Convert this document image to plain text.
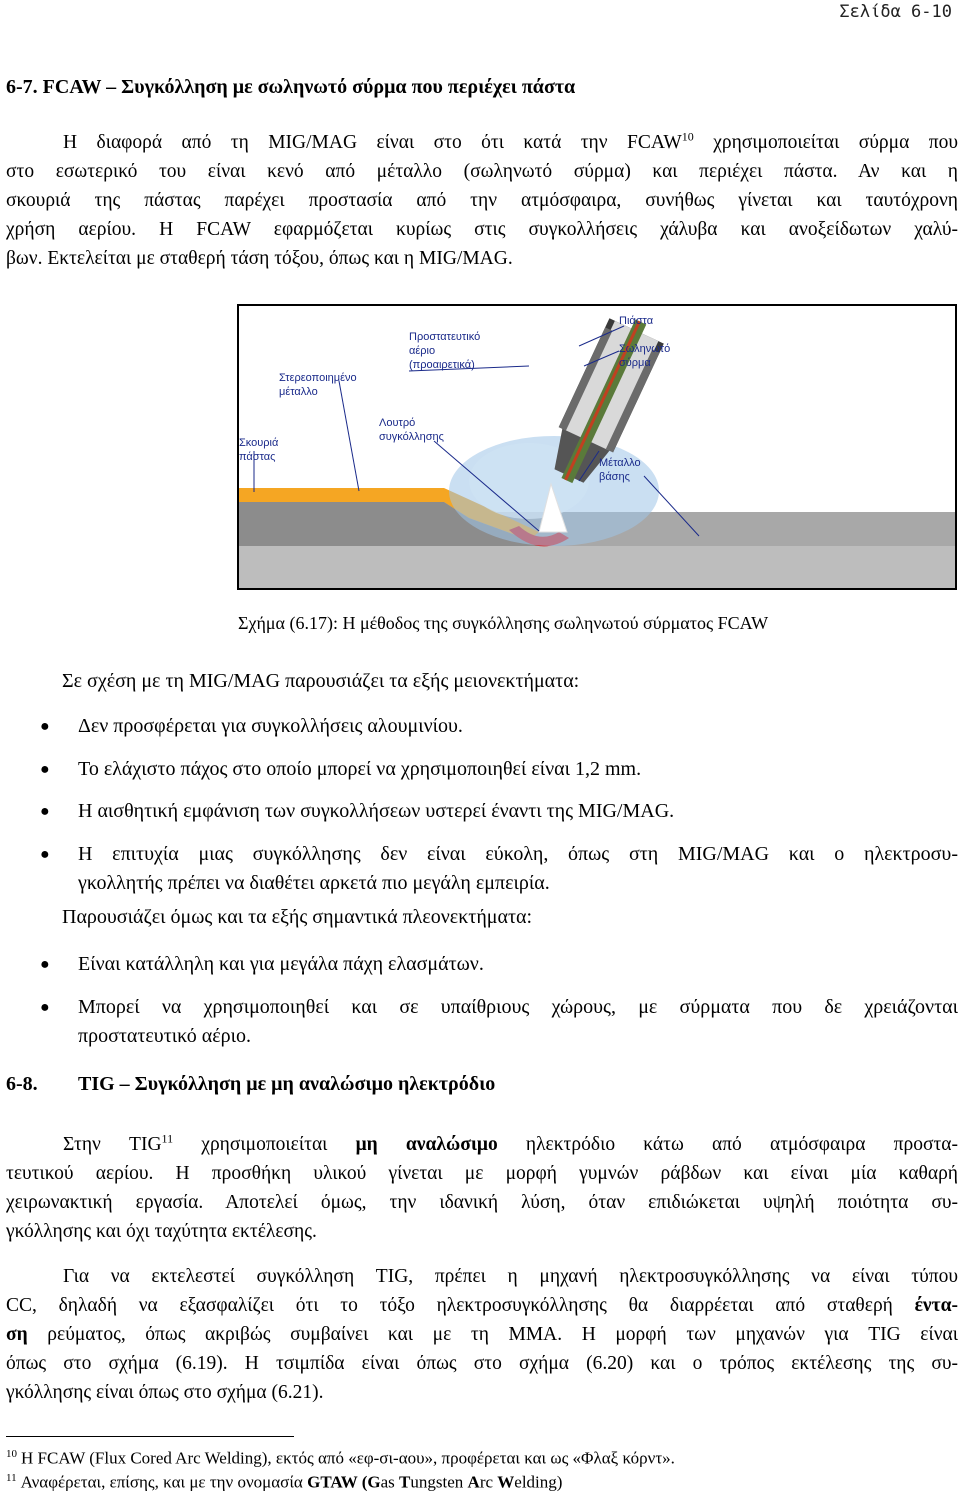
Σελίδα 6-10
6-7. FCAW – Συγκόλληση με σωληνωτό σύρμα που περιέχει πάστα
Η διαφορά από τη MIG/MAG είναι στο ότι κατά την FCAW$^{10}$ χρησιμοποιείται σύρμα που
στο εσωτερικό του είναι κενό από μέταλλο (σωληνωτό σύρμα) και περιέχει πάστα. Αν και η
σκουριά της πάστας παρέχει προστασία από την ατμόσφαιρα, συνήθως γίνεται και ταυτόχρονη
χρήση αερίου. Η FCAW εφαρμόζεται κυρίως στις συγκολλήσεις χάλυβα και ανοξείδωτων χαλύ-
βων. Εκτελείται με σταθερή τάση τόξου, όπως και η MIG/MAG.
Πιάστα
Σωληνωτό
σύρμα
Προστατευτικό
αέριο
(προαιρετικά)
Στερεοποιημένο
μέταλλο
Λουτρό
συγκόλλησης
Σκουριά
πάστας	Μέταλλο
βάσης
Σχήμα (6.17): Η μέθοδος της συγκόλλησης σωληνωτού σύρματος FCAW
Σε σχέση με τη MIG/MAG παρουσιάζει τα εξής μειονεκτήματα:
● Δεν προσφέρεται για συγκολλήσεις αλουμινίου.
● Το ελάχιστο πάχος στο οποίο μπορεί να χρησιμοποιηθεί είναι 1,2 mm.
● Η αισθητική εμφάνιση των συγκολλήσεων υστερεί έναντι της MIG/MAG.
● Η επιτυχία μιας συγκόλλησης δεν είναι εύκολη, όπως στη MIG/MAG και ο ηλεκτροσυ-
γκολλητής πρέπει να διαθέτει αρκετά πιο μεγάλη εμπειρία.
Παρουσιάζει όμως και τα εξής σημαντικά πλεονεκτήματα:
● Είναι κατάλληλη και για μεγάλα πάχη ελασμάτων.
● Μπορεί να χρησιμοποιηθεί και σε υπαίθριους χώρους, με σύρματα που δε χρειάζονται
προστατευτικό αέριο.
6-8. TIG – Συγκόλληση με μη αναλώσιμο ηλεκτρόδιο
Στην TIG$^{11}$ χρησιμοποιείται μη αναλώσιμο ηλεκτρόδιο κάτω από ατμόσφαιρα προστα-
τευτικού αερίου. Η προσθήκη υλικού γίνεται με μορφή γυμνών ράβδων και είναι μία καθαρή
χειρωνακτική εργασία. Αποτελεί όμως, την ιδανική λύση, όταν επιδιώκεται υψηλή ποιότητα συ-
γκόλλησης και όχι ταχύτητα εκτέλεσης.
Για να εκτελεστεί συγκόλληση TIG, πρέπει η μηχανή ηλεκτροσυγκόλλησης να είναι τύπου
CC, δηλαδή να εξασφαλίζει ότι το τόξο ηλεκτροσυγκόλλησης θα διαρρέεται από σταθερή έντα-
ση ρεύματος, όπως ακριβώς συμβαίνει και με τη MMA. Η μορφή των μηχανών για TIG είναι
όπως στο σχήμα (6.19). Η τσιμπίδα είναι όπως στο σχήμα (6.20) και ο τρόπος εκτέλεσης της συ-
γκόλλησης είναι όπως στο σχήμα (6.21).
$^{10}$ Η FCAW (Flux Cored Arc Welding), εκτός από «εφ-σι-αου», προφέρεται και ως «Φλαξ κόρντ».
$^{11}$ Αναφέρεται, επίσης, και με την ονομασία GTAW (Gas Tungsten Arc Welding)
